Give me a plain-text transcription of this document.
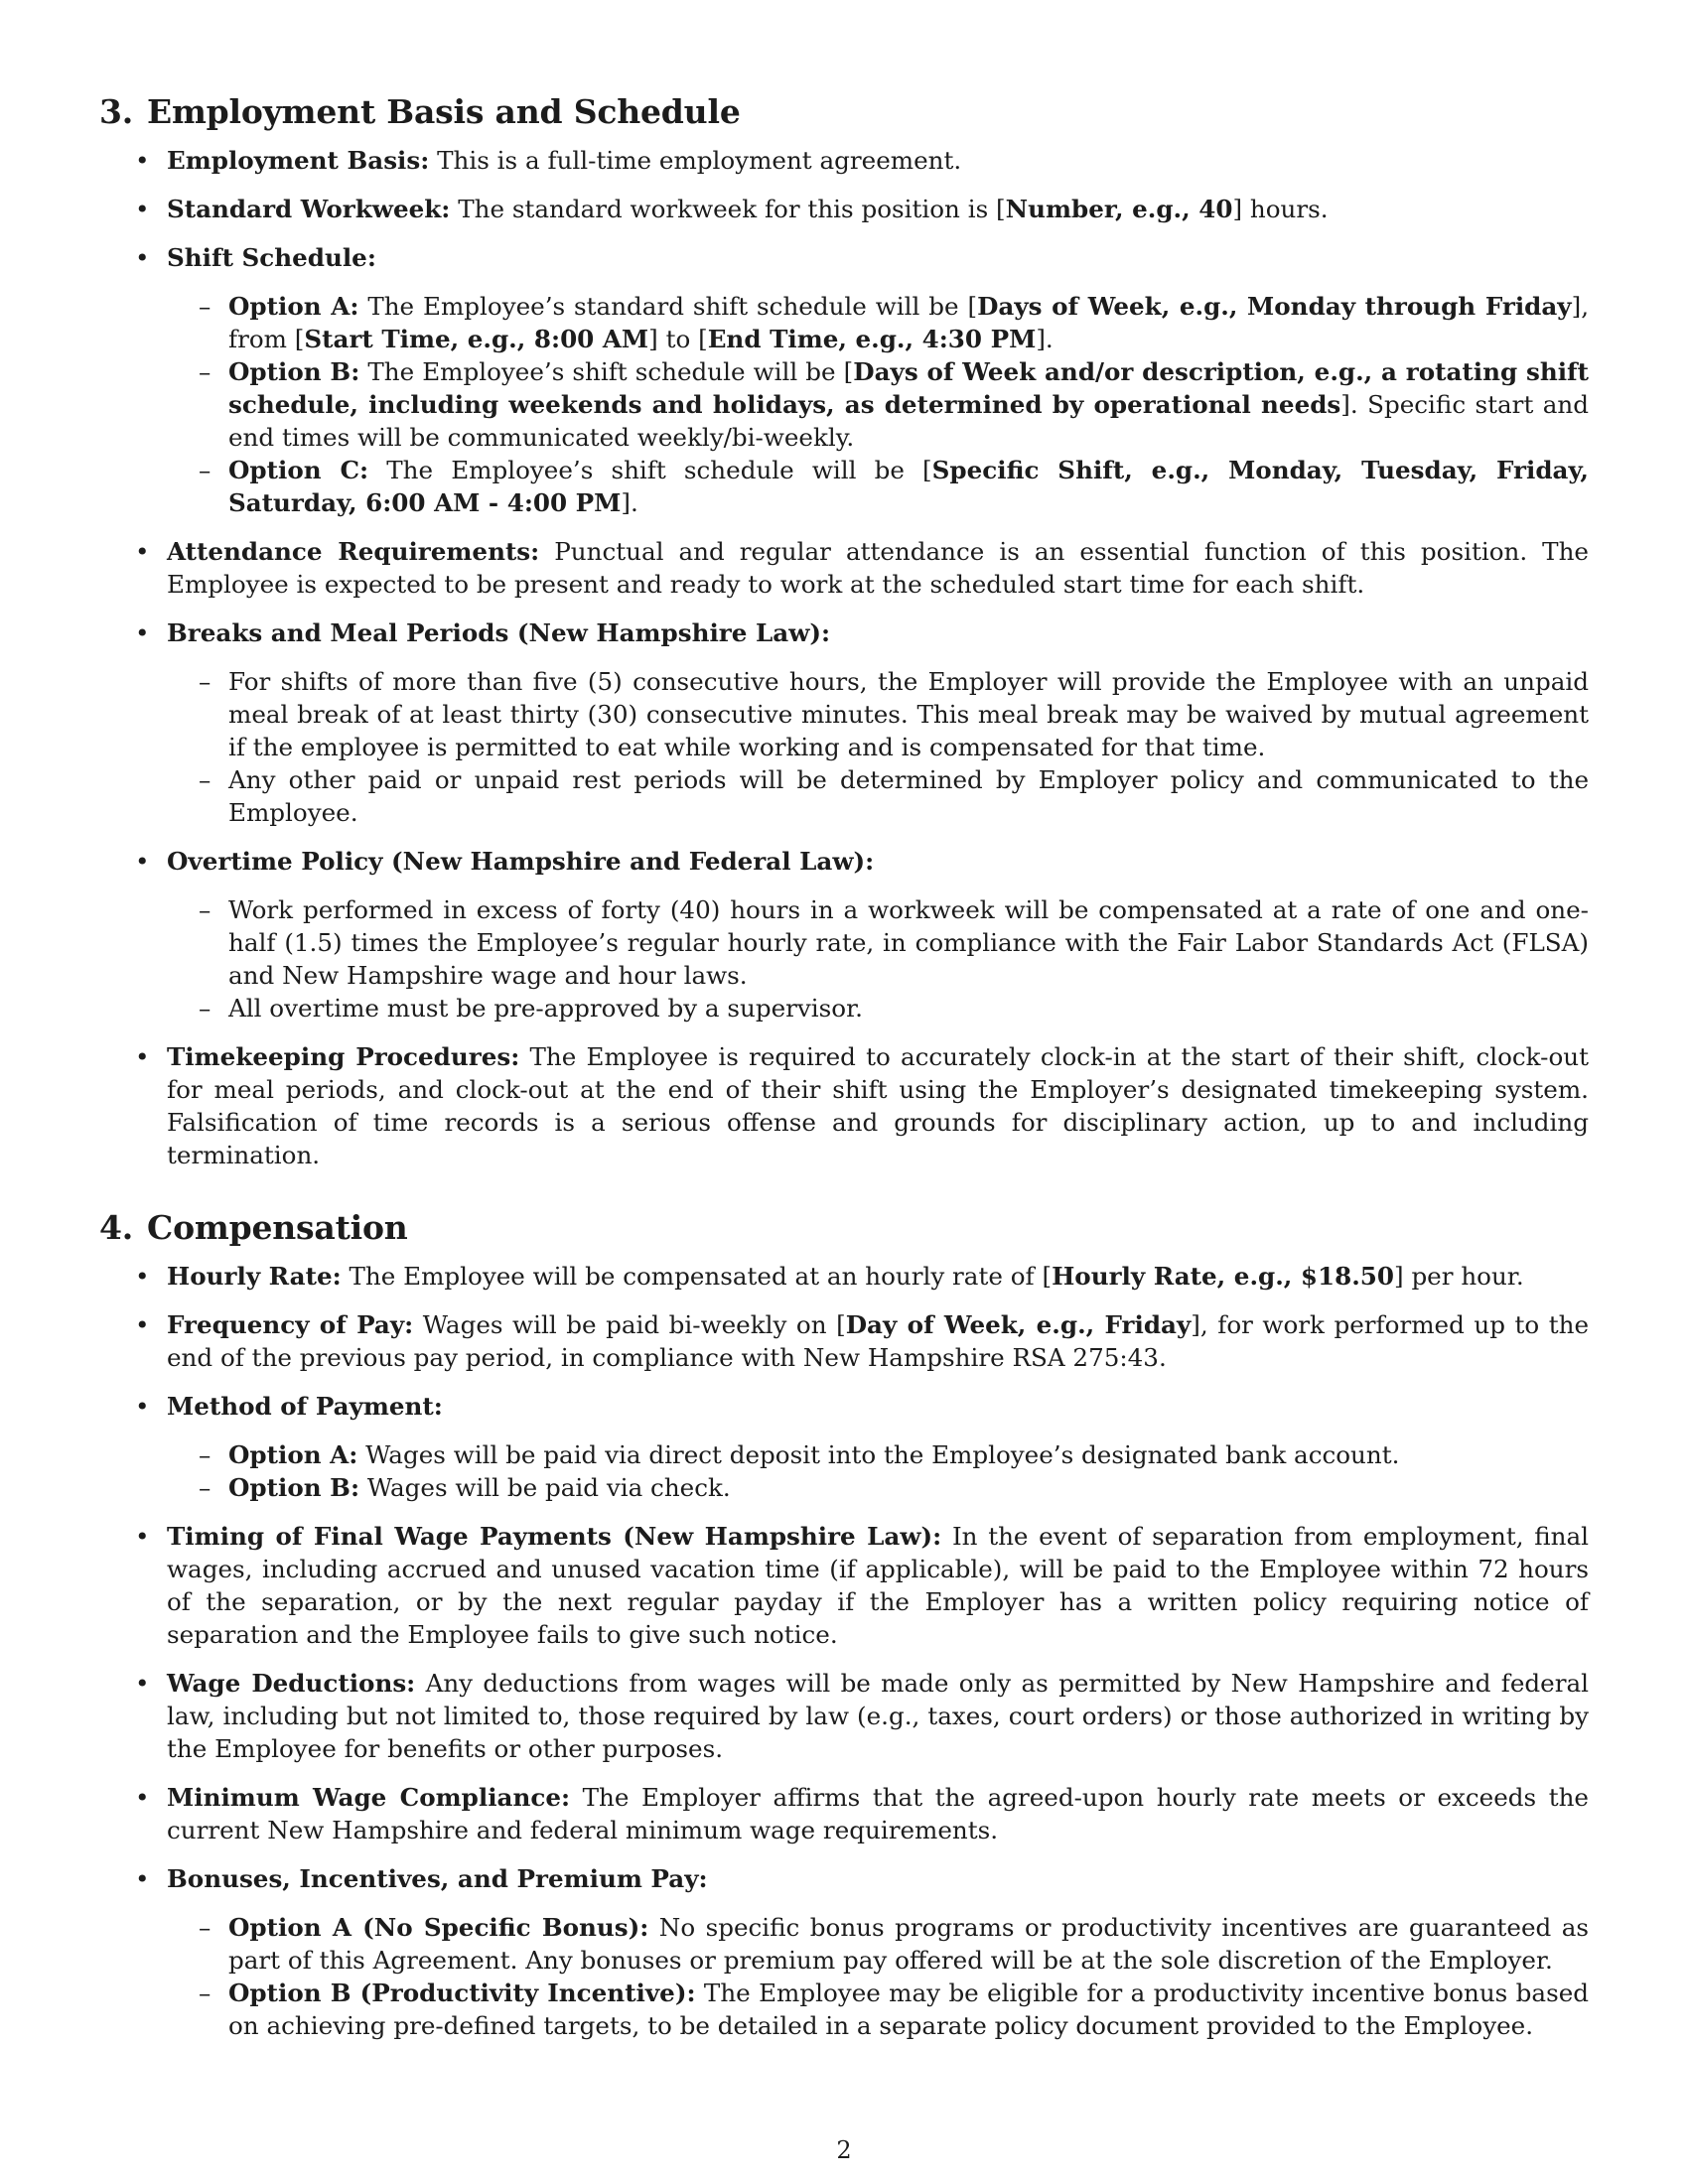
3. Employment Basis and Schedule
• Employment Basis: This is a full-time employment agreement.
• Standard Workweek: The standard workweek for this position is [Number, e.g., 40] hours.
• Shift Schedule:
– Option A: The Employee’s standard shift schedule will be [Days of Week, e.g., Monday through Friday], from [Start Time, e.g., 8:00 AM] to [End Time, e.g., 4:30 PM].
– Option B: The Employee’s shift schedule will be [Days of Week and/or description, e.g., a rotating shift schedule, including weekends and holidays, as determined by operational needs]. Specific start and end times will be communicated weekly/bi-weekly.
– Option C: The Employee’s shift schedule will be [Specific Shift, e.g., Monday, Tuesday, Friday, Saturday, 6:00 AM - 4:00 PM].
• Attendance Requirements: Punctual and regular attendance is an essential function of this position. The Employee is expected to be present and ready to work at the scheduled start time for each shift.
• Breaks and Meal Periods (New Hampshire Law):
– For shifts of more than five (5) consecutive hours, the Employer will provide the Employee with an unpaid meal break of at least thirty (30) consecutive minutes. This meal break may be waived by mutual agreement if the employee is permitted to eat while working and is compensated for that time.
– Any other paid or unpaid rest periods will be determined by Employer policy and communicated to the Employee.
• Overtime Policy (New Hampshire and Federal Law):
– Work performed in excess of forty (40) hours in a workweek will be compensated at a rate of one and one-half (1.5) times the Employee’s regular hourly rate, in compliance with the Fair Labor Standards Act (FLSA) and New Hampshire wage and hour laws.
– All overtime must be pre-approved by a supervisor.
• Timekeeping Procedures: The Employee is required to accurately clock-in at the start of their shift, clock-out for meal periods, and clock-out at the end of their shift using the Employer’s designated timekeeping system. Falsification of time records is a serious offense and grounds for disciplinary action, up to and including termination.
4. Compensation
• Hourly Rate: The Employee will be compensated at an hourly rate of [Hourly Rate, e.g., $18.50] per hour.
• Frequency of Pay: Wages will be paid bi-weekly on [Day of Week, e.g., Friday], for work performed up to the end of the previous pay period, in compliance with New Hampshire RSA 275:43.
• Method of Payment:
– Option A: Wages will be paid via direct deposit into the Employee’s designated bank account.
– Option B: Wages will be paid via check.
• Timing of Final Wage Payments (New Hampshire Law): In the event of separation from employment, final wages, including accrued and unused vacation time (if applicable), will be paid to the Employee within 72 hours of the separation, or by the next regular payday if the Employer has a written policy requiring notice of separation and the Employee fails to give such notice.
• Wage Deductions: Any deductions from wages will be made only as permitted by New Hampshire and federal law, including but not limited to, those required by law (e.g., taxes, court orders) or those authorized in writing by the Employee for benefits or other purposes.
• Minimum Wage Compliance: The Employer affirms that the agreed-upon hourly rate meets or exceeds the current New Hampshire and federal minimum wage requirements.
• Bonuses, Incentives, and Premium Pay:
– Option A (No Specific Bonus): No specific bonus programs or productivity incentives are guaranteed as part of this Agreement. Any bonuses or premium pay offered will be at the sole discretion of the Employer.
– Option B (Productivity Incentive): The Employee may be eligible for a productivity incentive bonus based on achieving pre-defined targets, to be detailed in a separate policy document provided to the Employee.
2
